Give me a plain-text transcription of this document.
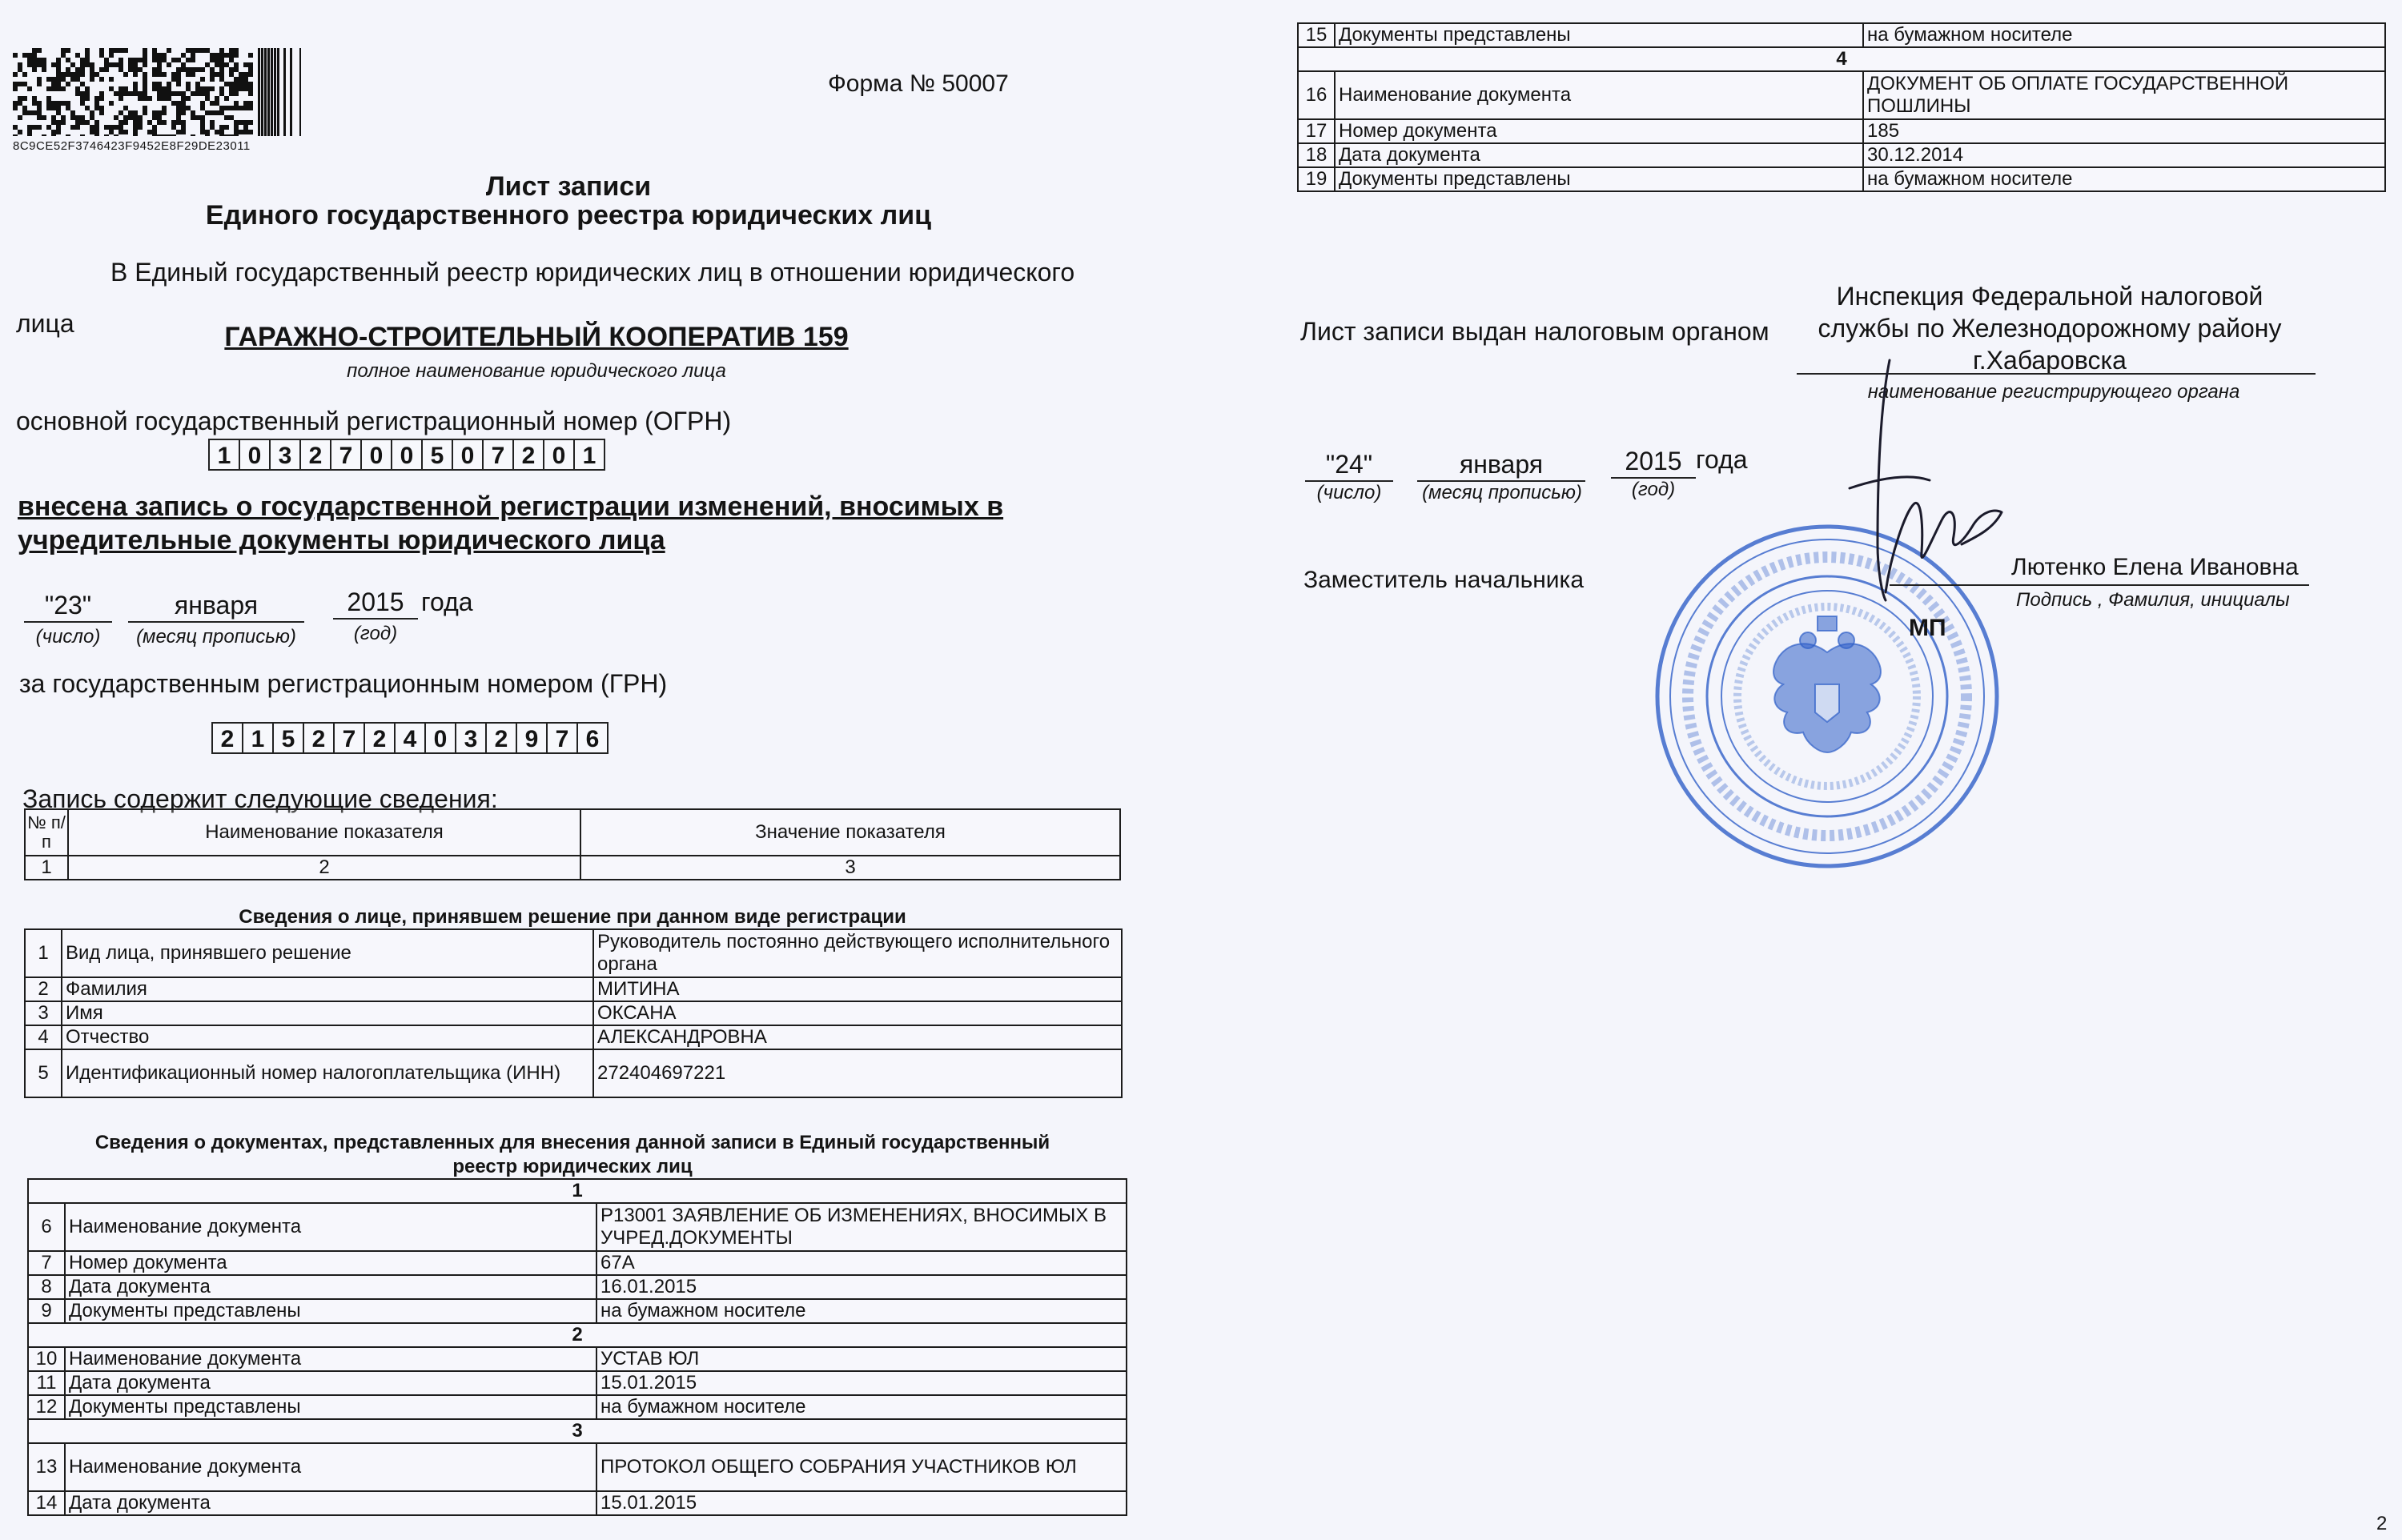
8C9CE52F3746423F9452E8F29DE23011
Форма № 50007
Лист записи
Единого государственного реестра юридических лиц
В Единый государственный реестр юридических лиц в отношении юридического
лица	ГАРАЖНО-СТРОИТЕЛЬНЫЙ КООПЕРАТИВ 159
полное наименование юридического лица
основной государственный регистрационный номер (ОГРН)
1 0 3 2 7 0 0 5 0 7 2 0 1
внесена запись о государственной регистрации изменений, вносимых в
учредительные документы юридического лица
"23"
(число)
января
(месяц прописью)
2015
(год)
года
за государственным регистрационным номером (ГРН)
2 1 5 2 7 2 4 0 3 2 9 7 6
Запись содержит следующие сведения:
№ п/п	Наименование показателя	Значение показателя
1	2	3
Сведения о лице, принявшем решение при данном виде регистрации
1	Вид лица, принявшего решение	Руководитель постоянно действующего исполнительного органа
2	Фамилия	МИТИНА
3	Имя	ОКСАНА
4	Отчество	АЛЕКСАНДРОВНА
5	Идентификационный номер налогоплательщика (ИНН)	272404697221
Сведения о документах, представленных для внесения данной записи в Единый государственный
реестр юридических лиц
1		
6	Наименование документа	Р13001 ЗАЯВЛЕНИЕ ОБ ИЗМЕНЕНИЯХ, ВНОСИМЫХ В УЧРЕД.ДОКУМЕНТЫ
7	Номер документа	67А
8	Дата документа	16.01.2015
9	Документы представлены	на бумажном носителе
2		
10	Наименование документа	УСТАВ ЮЛ
11	Дата документа	15.01.2015
12	Документы представлены	на бумажном носителе
3		
13	Наименование документа	ПРОТОКОЛ ОБЩЕГО СОБРАНИЯ УЧАСТНИКОВ ЮЛ
14	Дата документа	15.01.2015
15	Документы представлены	на бумажном носителе
4		
16	Наименование документа	ДОКУМЕНТ ОБ ОПЛАТЕ ГОСУДАРСТВЕННОЙ ПОШЛИНЫ
17	Номер документа	185
18	Дата документа	30.12.2014
19	Документы представлены	на бумажном носителе
Лист записи выдан налоговым органом
Инспекция Федеральной налоговой
службы по Железнодорожному району
г.Хабаровска
наименование регистрирующего органа
"24"
(число)
января
(месяц прописью)
2015
(год)
года
Заместитель начальника
МП
Лютенко Елена Ивановна
Подпись , Фамилия, инициалы
2
